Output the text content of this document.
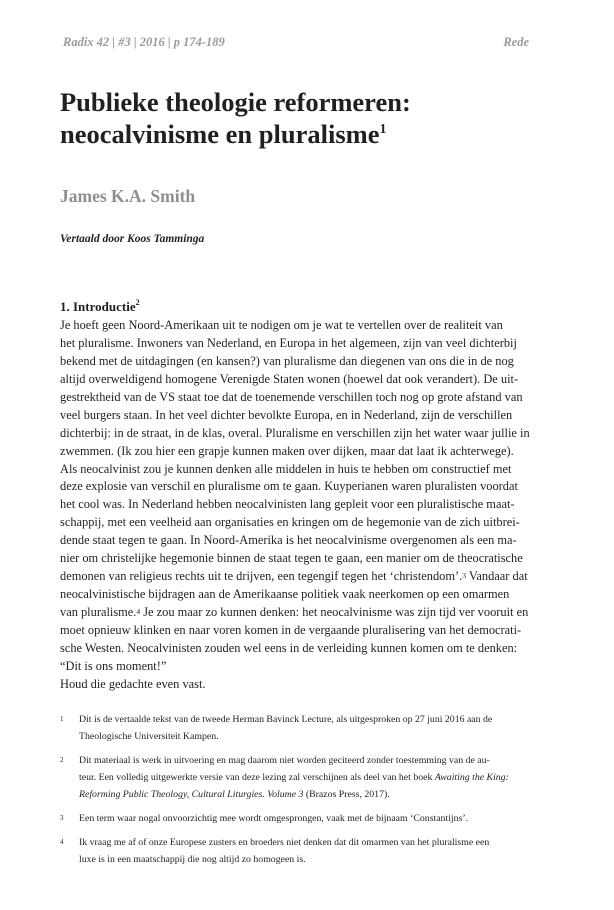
Radix 42 | #3 | 2016 | p 174-189	Rede
Publieke theologie reformeren:
neocalvinisme en pluralisme$^1$
James K.A. Smith
Vertaald door Koos Tamminga
1. Introductie$^2$
Je hoeft geen Noord-Amerikaan uit te nodigen om je wat te vertellen over de realiteit van
het pluralisme. Inwoners van Nederland, en Europa in het algemeen, zijn van veel dichterbij
bekend met de uitdagingen (en kansen?) van pluralisme dan diegenen van ons die in de nog
altijd overweldigend homogene Verenigde Staten wonen (hoewel dat ook verandert). De uit-
gestrektheid van de VS staat toe dat de toenemende verschillen toch nog op grote afstand van
veel burgers staan. In het veel dichter bevolkte Europa, en in Nederland, zijn de verschillen
dichterbij: in de straat, in de klas, overal. Pluralisme en verschillen zijn het water waar jullie in
zwemmen. (Ik zou hier een grapje kunnen maken over dijken, maar dat laat ik achterwege).
Als neocalvinist zou je kunnen denken alle middelen in huis te hebben om constructief met
deze explosie van verschil en pluralisme om te gaan. Kuyperianen waren pluralisten voordat
het cool was. In Nederland hebben neocalvinisten lang gepleit voor een pluralistische maat-
schappij, met een veelheid aan organisaties en kringen om de hegemonie van de zich uitbrei-
dende staat tegen te gaan. In Noord-Amerika is het neocalvinisme overgenomen als een ma-
nier om christelijke hegemonie binnen de staat tegen te gaan, een manier om de theocratische
demonen van religieus rechts uit te drijven, een tegengif tegen het ‘christendom’.$^3$ Vandaar dat
neocalvinistische bijdragen aan de Amerikaanse politiek vaak neerkomen op een omarmen
van pluralisme.$^4$ Je zou maar zo kunnen denken: het neocalvinisme was zijn tijd ver vooruit en
moet opnieuw klinken en naar voren komen in de vergaande pluralisering van het democrati-
sche Westen. Neocalvinisten zouden wel eens in de verleiding kunnen komen om te denken:
“Dit is ons moment!”
Houd die gedachte even vast.
1 Dit is de vertaalde tekst van de tweede Herman Bavinck Lecture, als uitgesproken op 27 juni 2016 aan de
Theologische Universiteit Kampen.
2 Dit materiaal is werk in uitvoering en mag daarom niet worden geciteerd zonder toestemming van de au-
teur. Een volledig uitgewerkte versie van deze lezing zal verschijnen als deel van het boek Awaiting the King:
Reforming Public Theology, Cultural Liturgies. Volume 3 (Brazos Press, 2017).
3 Een term waar nogal onvoorzichtig mee wordt omgesprongen, vaak met de bijnaam ‘Constantijns’.
4 Ik vraag me af of onze Europese zusters en broeders niet denken dat dit omarmen van het pluralisme een
luxe is in een maatschappij die nog altijd zo homogeen is.
